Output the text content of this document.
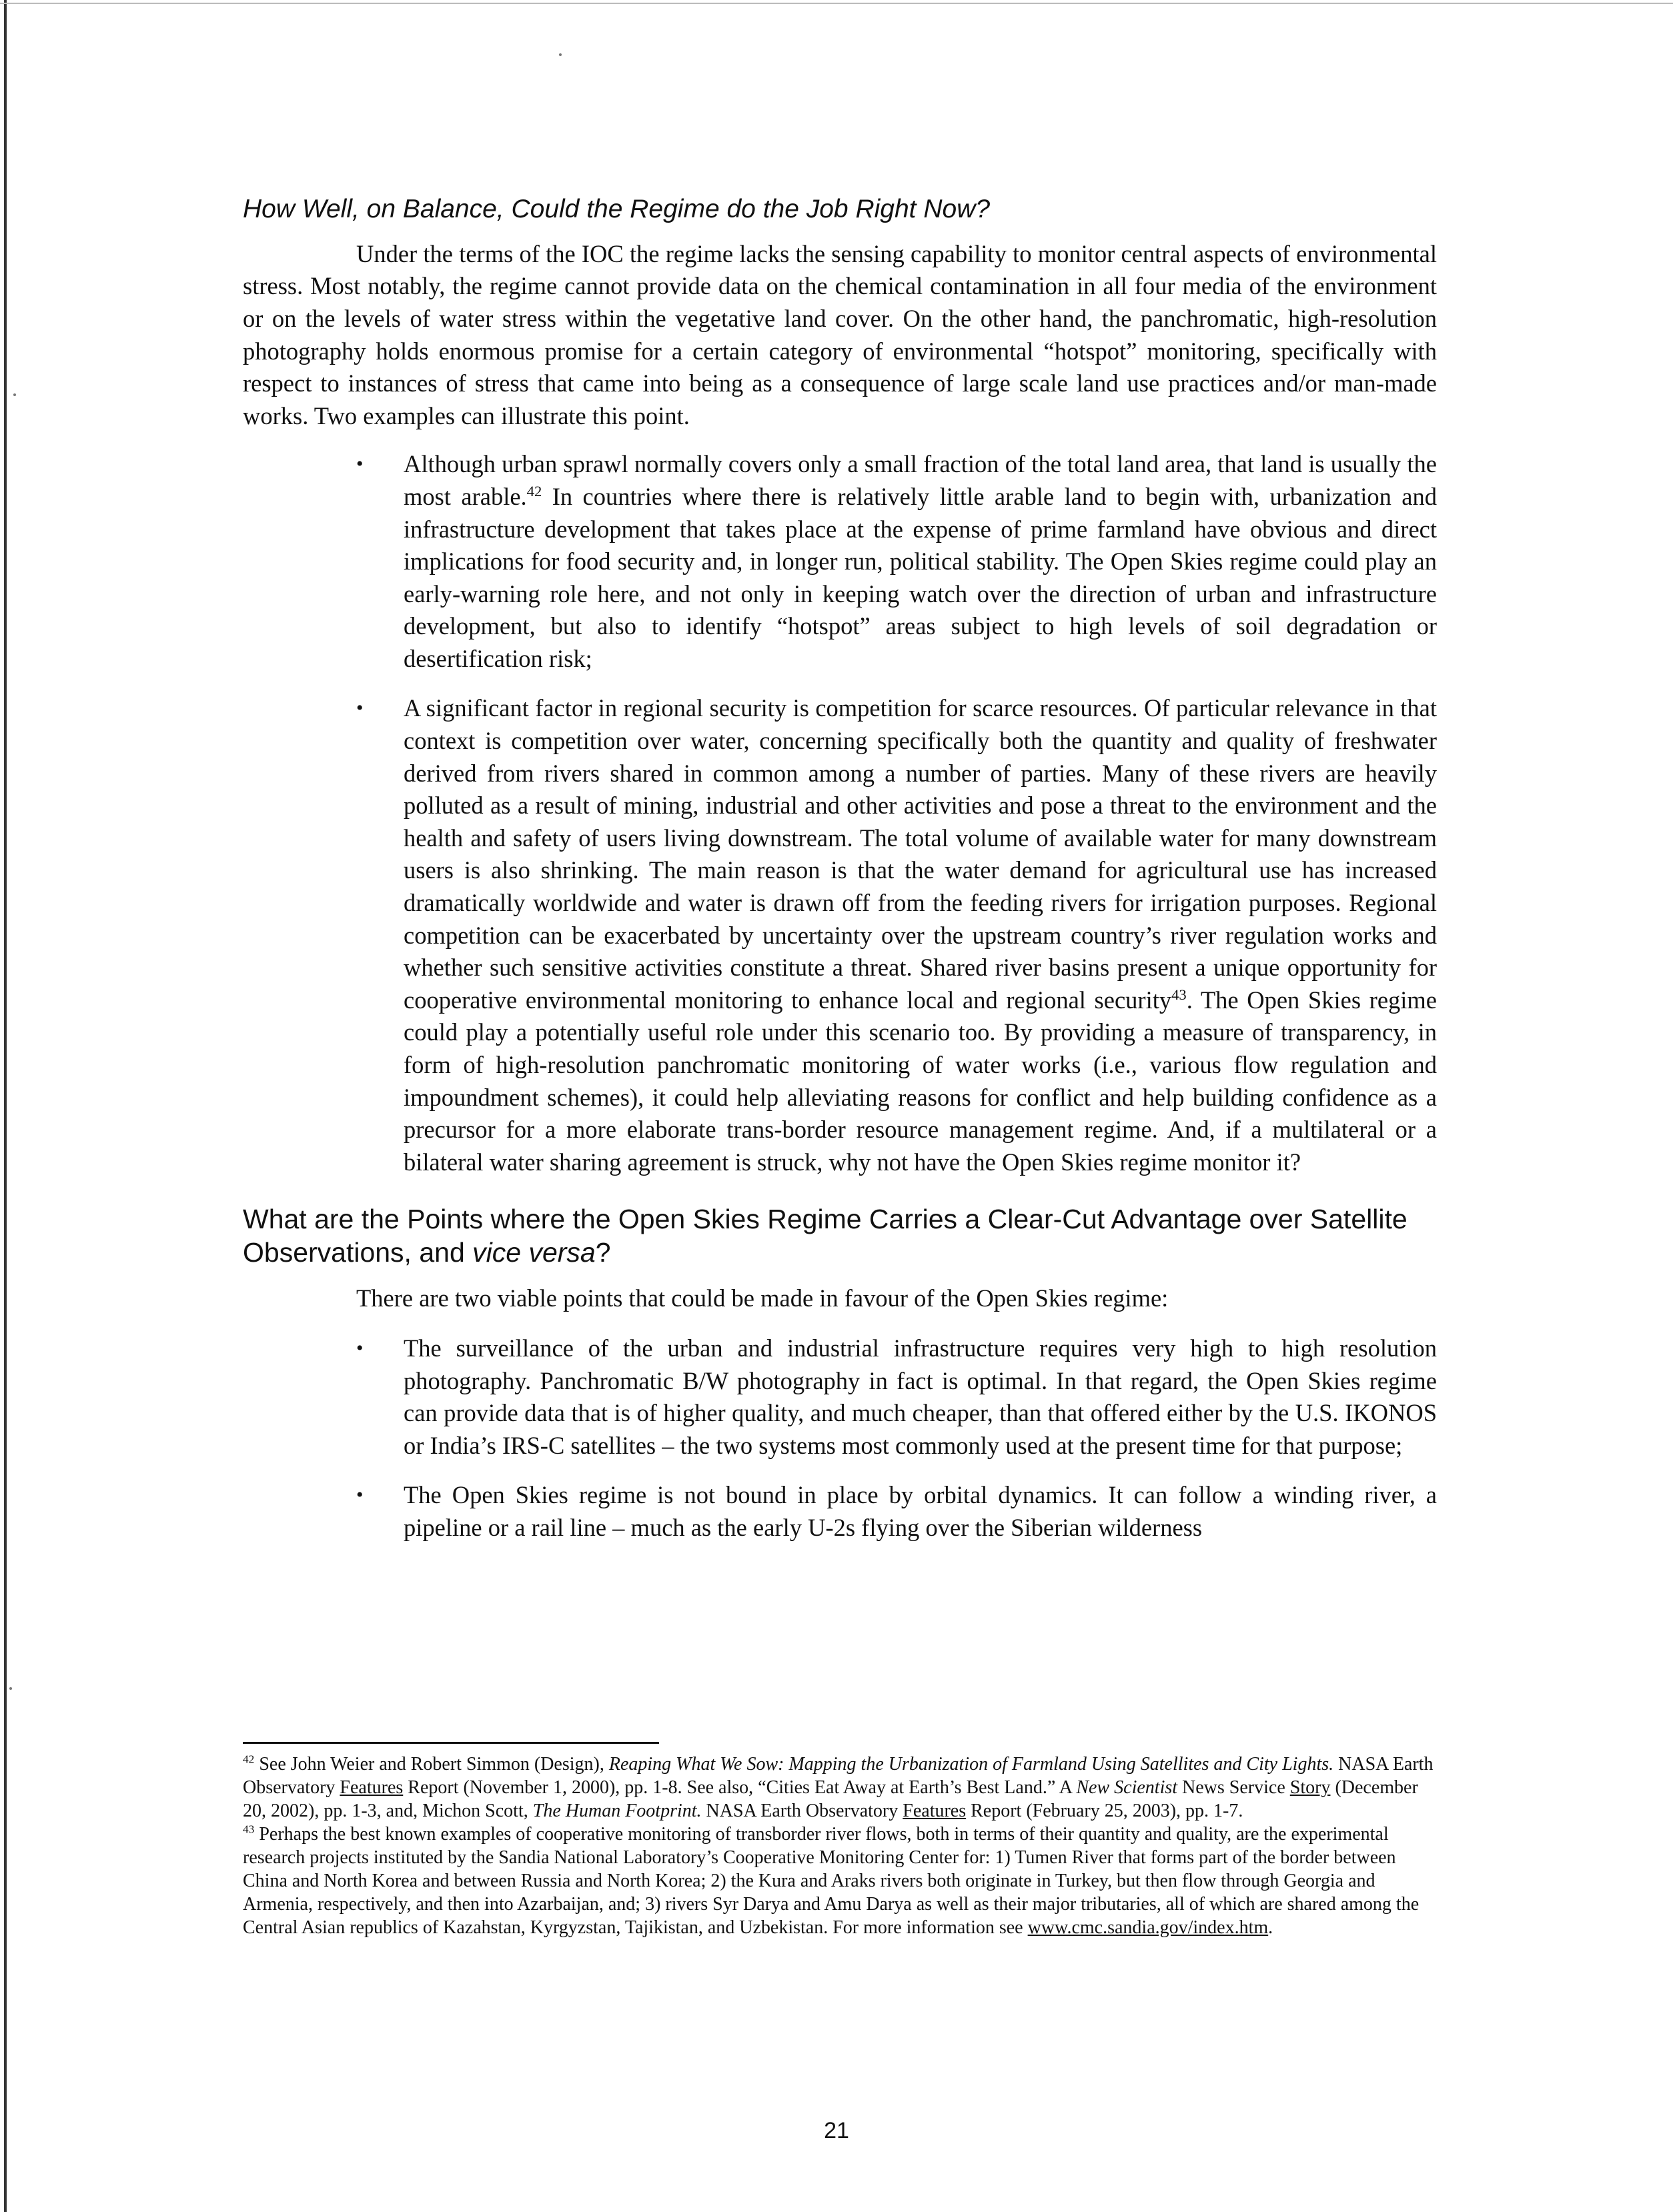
How Well, on Balance, Could the Regime do the Job Right Now?

Under the terms of the IOC the regime lacks the sensing capability to monitor central aspects of environmental stress. Most notably, the regime cannot provide data on the chemical contamination in all four media of the environment or on the levels of water stress within the vegetative land cover. On the other hand, the panchromatic, high-resolution photography holds enormous promise for a certain category of environmental “hotspot” monitoring, specifically with respect to instances of stress that came into being as a consequence of large scale land use practices and/or man-made works. Two examples can illustrate this point.

• Although urban sprawl normally covers only a small fraction of the total land area, that land is usually the most arable.$^{42}$ In countries where there is relatively little arable land to begin with, urbanization and infrastructure development that takes place at the expense of prime farmland have obvious and direct implications for food security and, in longer run, political stability. The Open Skies regime could play an early-warning role here, and not only in keeping watch over the direction of urban and infrastructure development, but also to identify “hotspot” areas subject to high levels of soil degradation or desertification risk;
• A significant factor in regional security is competition for scarce resources. Of particular relevance in that context is competition over water, concerning specifically both the quantity and quality of freshwater derived from rivers shared in common among a number of parties. Many of these rivers are heavily polluted as a result of mining, industrial and other activities and pose a threat to the environment and the health and safety of users living downstream. The total volume of available water for many downstream users is also shrinking. The main reason is that the water demand for agricultural use has increased dramatically worldwide and water is drawn off from the feeding rivers for irrigation purposes. Regional competition can be exacerbated by uncertainty over the upstream country’s river regulation works and whether such sensitive activities constitute a threat. Shared river basins present a unique opportunity for cooperative environmental monitoring to enhance local and regional security$^{43}$. The Open Skies regime could play a potentially useful role under this scenario too. By providing a measure of transparency, in form of high-resolution panchromatic monitoring of water works (i.e., various flow regulation and impoundment schemes), it could help alleviating reasons for conflict and help building confidence as a precursor for a more elaborate trans-border resource management regime. And, if a multilateral or a bilateral water sharing agreement is struck, why not have the Open Skies regime monitor it?
What are the Points where the Open Skies Regime Carries a Clear-Cut Advantage over Satellite Observations, and vice versa?

There are two viable points that could be made in favour of the Open Skies regime:

• The surveillance of the urban and industrial infrastructure requires very high to high resolution photography. Panchromatic B/W photography in fact is optimal. In that regard, the Open Skies regime can provide data that is of higher quality, and much cheaper, than that offered either by the U.S. IKONOS or India’s IRS-C satellites – the two systems most commonly used at the present time for that purpose;
• The Open Skies regime is not bound in place by orbital dynamics. It can follow a winding river, a pipeline or a rail line – much as the early U-2s flying over the Siberian wilderness

$^{42}$ See John Weier and Robert Simmon (Design), Reaping What We Sow: Mapping the Urbanization of Farmland Using Satellites and City Lights. NASA Earth Observatory Features Report (November 1, 2000), pp. 1-8. See also, “Cities Eat Away at Earth’s Best Land.” A New Scientist News Service Story (December 20, 2002), pp. 1-3, and, Michon Scott, The Human Footprint. NASA Earth Observatory Features Report (February 25, 2003), pp. 1-7.

$^{43}$ Perhaps the best known examples of cooperative monitoring of transborder river flows, both in terms of their quantity and quality, are the experimental research projects instituted by the Sandia National Laboratory’s Cooperative Monitoring Center for: 1) Tumen River that forms part of the border between China and North Korea and between Russia and North Korea; 2) the Kura and Araks rivers both originate in Turkey, but then flow through Georgia and Armenia, respectively, and then into Azarbaijan, and; 3) rivers Syr Darya and Amu Darya as well as their major tributaries, all of which are shared among the Central Asian republics of Kazahstan, Kyrgyzstan, Tajikistan, and Uzbekistan. For more information see www.cmc.sandia.gov/index.htm.

21
